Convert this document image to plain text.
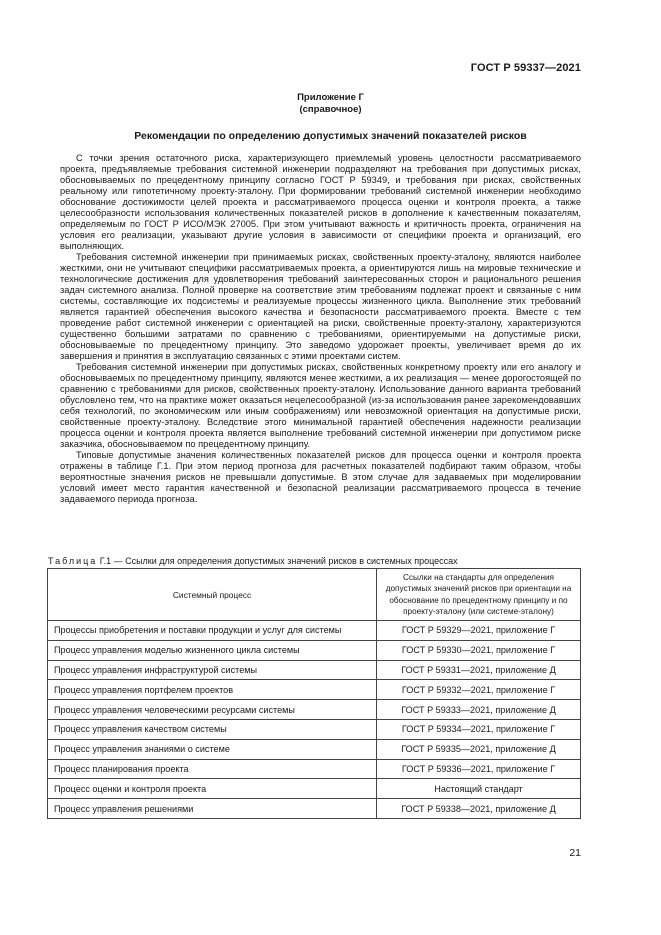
ГОСТ Р 59337—2021
Приложение Г
(справочное)
Рекомендации по определению допустимых значений показателей рисков

С точки зрения остаточного риска, характеризующего приемлемый уровень целостности рассматриваемого проекта, предъявляемые требования системной инженерии подразделяют на требования при допустимых рисках, обосновываемых по прецедентному принципу согласно ГОСТ Р 59349, и требования при рисках, свойственных реальному или гипотетичному проекту-эталону. При формировании требований системной инженерии необходимо обоснование достижимости целей проекта и рассматриваемого процесса оценки и контроля проекта, а также целесообразности использования количественных показателей рисков в дополнение к качественным показателям, определяемым по ГОСТ Р ИСО/МЭК 27005. При этом учитывают важность и критичность проекта, ограничения на условия его реализации, указывают другие условия в зависимости от специфики проекта и организаций, его выполняющих.

Требования системной инженерии при принимаемых рисках, свойственных проекту-эталону, являются наиболее жесткими, они не учитывают специфики рассматриваемых проекта, а ориентируются лишь на мировые технические и технологические достижения для удовлетворения требований заинтересованных сторон и рационального решения задач системного анализа. Полной проверке на соответствие этим требованиям подлежат проект и связанные с ним системы, составляющие их подсистемы и реализуемые процессы жизненного цикла. Выполнение этих требований является гарантией обеспечения высокого качества и безопасности рассматриваемого проекта. Вместе с тем проведение работ системной инженерии с ориентацией на риски, свойственные проекту-эталону, характеризуются существенно большими затратами по сравнению с требованиями, ориентируемыми на допустимые риски, обосновываемые по прецедентному принципу. Это заведомо удорожает проекты, увеличивает время до их завершения и принятия в эксплуатацию связанных с этими проектами систем.

Требования системной инженерии при допустимых рисках, свойственных конкретному проекту или его аналогу и обосновываемых по прецедентному принципу, являются менее жесткими, а их реализация — менее дорогостоящей по сравнению с требованиями для рисков, свойственных проекту-эталону. Использование данного варианта требований обусловлено тем, что на практике может оказаться нецелесообразной (из-за использования ранее зарекомендовавших себя технологий, по экономическим или иным соображениям) или невозможной ориентация на допустимые риски, свойственные проекту-эталону. Вследствие этого минимальной гарантией обеспечения надежности реализации процесса оценки и контроля проекта является выполнение требований системной инженерии при допустимом риске заказчика, обосновываемом по прецедентному принципу.

Типовые допустимые значения количественных показателей рисков для процесса оценки и контроля проекта отражены в таблице Г.1. При этом период прогноза для расчетных показателей подбирают таким образом, чтобы вероятностные значения рисков не превышали допустимые. В этом случае для задаваемых при моделировании условий имеет место гарантия качественной и безопасной реализации рассматриваемого процесса в течение задаваемого периода прогноза.

Таблица Г.1 — Ссылки для определения допустимых значений рисков в системных процессах
Системный процесс	Ссылки на стандарты для определения допустимых значений рисков при ориентации на обоснование по прецедентному принципу и по проекту-эталону (или системе-эталону)
Процессы приобретения и поставки продукции и услуг для системы	ГОСТ Р 59329—2021, приложение Г
Процесс управления моделью жизненного цикла системы	ГОСТ Р 59330—2021, приложение Г
Процесс управления инфраструктурой системы	ГОСТ Р 59331—2021, приложение Д
Процесс управления портфелем проектов	ГОСТ Р 59332—2021, приложение Г
Процесс управления человеческими ресурсами системы	ГОСТ Р 59333—2021, приложение Д
Процесс управления качеством системы	ГОСТ Р 59334—2021, приложение Г
Процесс управления знаниями о системе	ГОСТ Р 59335—2021, приложение Д
Процесс планирования проекта	ГОСТ Р 59336—2021, приложение Г
Процесс оценки и контроля проекта	Настоящий стандарт
Процесс управления решениями	ГОСТ Р 59338—2021, приложение Д
21
